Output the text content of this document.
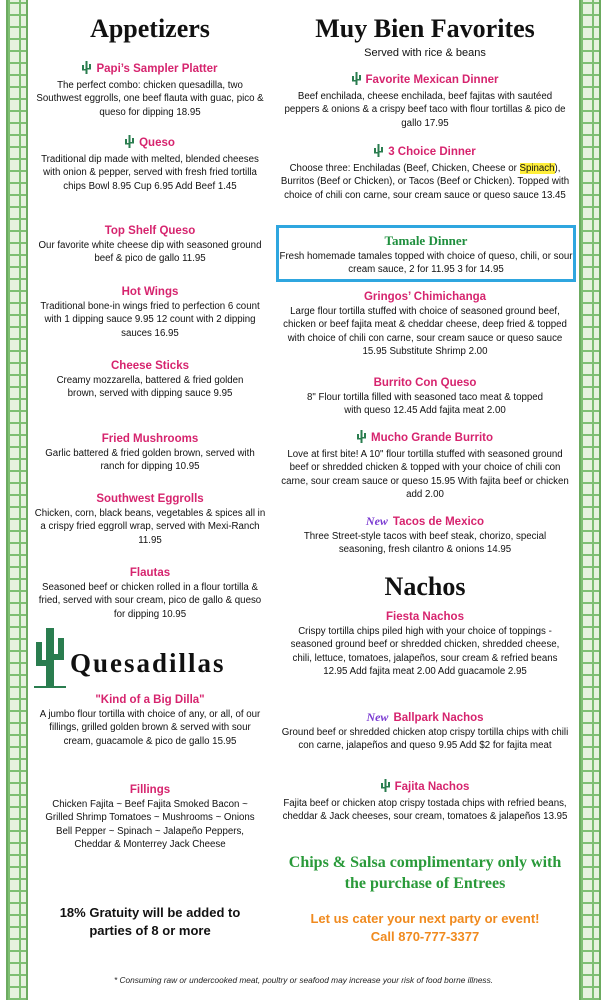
Appetizers
Papi’s Sampler Platter
The perfect combo: chicken quesadilla, two Southwest eggrolls, one beef flauta with guac, pico & queso for dipping 18.95
Queso
Traditional dip made with melted, blended cheeses with onion & pepper, served with fresh fried tortilla chips Bowl 8.95 Cup 6.95 Add Beef 1.45
Top Shelf Queso
Our favorite white cheese dip with seasoned ground beef & pico de gallo 11.95
Hot Wings
Traditional bone-in wings fried to perfection 6 count with 1 dipping sauce 9.95 12 count with 2 dipping sauces 16.95
Cheese Sticks
Creamy mozzarella, battered & fried golden brown, served with dipping sauce 9.95
Fried Mushrooms
Garlic battered & fried golden brown, served with ranch for dipping 10.95
Southwest Eggrolls
Chicken, corn, black beans, vegetables & spices all in a crispy fried eggroll wrap, served with Mexi-Ranch 11.95
Flautas
Seasoned beef or chicken rolled in a flour tortilla & fried, served with sour cream, pico de gallo & queso for dipping 10.95
Quesadillas
"Kind of a Big Dilla"
A jumbo flour tortilla with choice of any, or all, of our fillings, grilled golden brown & served with sour cream, guacamole & pico de gallo 15.95
Fillings
Chicken Fajita ~ Beef Fajita Smoked Bacon ~ Grilled Shrimp Tomatoes ~ Mushrooms ~ Onions Bell Pepper ~ Spinach ~ Jalapeño Peppers, Cheddar & Monterrey Jack Cheese
18% Gratuity will be added to parties of 8 or more
Muy Bien Favorites
Served with rice & beans
Favorite Mexican Dinner
Beef enchilada, cheese enchilada, beef fajitas with sautéed peppers & onions & a crispy beef taco with flour tortillas & pico de gallo 17.95
3 Choice Dinner
Choose three: Enchiladas (Beef, Chicken, Cheese or Spinach), Burritos (Beef or Chicken), or Tacos (Beef or Chicken). Topped with choice of chili con carne, sour cream sauce or queso sauce 13.45
Tamale Dinner
Fresh homemade tamales topped with choice of queso, chili, or sour cream sauce, 2 for 11.95 3 for 14.95
Gringos’ Chimichanga
Large flour tortilla stuffed with choice of seasoned ground beef, chicken or beef fajita meat & cheddar cheese, deep fried & topped with choice of chili con carne, sour cream sauce or queso sauce 15.95 Substitute Shrimp 2.00
Burrito Con Queso
8" Flour tortilla filled with seasoned taco meat & topped with queso 12.45 Add fajita meat 2.00
Mucho Grande Burrito
Love at first bite! A 10" flour tortilla stuffed with seasoned ground beef or shredded chicken & topped with your choice of chili con carne, sour cream sauce or queso 15.95 With fajita beef or chicken add 2.00
New Tacos de Mexico
Three Street-style tacos with beef steak, chorizo, special seasoning, fresh cilantro & onions 14.95
Nachos
Fiesta Nachos
Crispy tortilla chips piled high with your choice of toppings - seasoned ground beef or shredded chicken, shredded cheese, chili, lettuce, tomatoes, jalapeños, sour cream & refried beans 12.95 Add fajita meat 2.00 Add guacamole 2.95
New Ballpark Nachos
Ground beef or shredded chicken atop crispy tortilla chips with chili con carne, jalapeños and queso 9.95 Add $2 for fajita meat
Fajita Nachos
Fajita beef or chicken atop crispy tostada chips with refried beans, cheddar & Jack cheeses, sour cream, tomatoes & jalapeños 13.95
Chips & Salsa complimentary only with the purchase of Entrees
Let us cater your next party or event! Call 870-777-3377
* Consuming raw or undercooked meat, poultry or seafood may increase your risk of food borne illness.
